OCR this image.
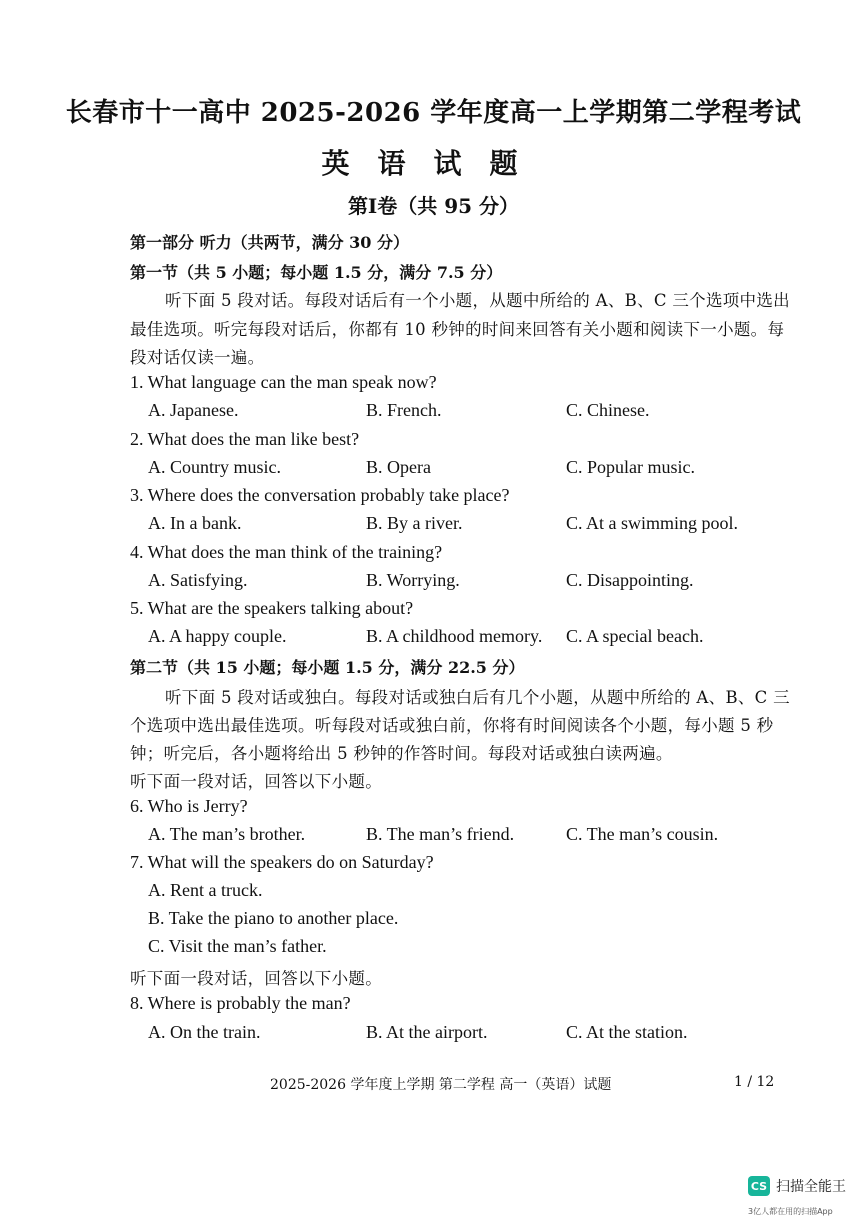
长春市十一高中 2025-2026 学年度高一上学期第二学程考试
英语试题
第Ⅰ卷（共 95 分）
第一部分 听力（共两节，满分 30 分）
第一节（共 5 小题；每小题 1.5 分，满分 7.5 分）
听下面 5 段对话。每段对话后有一个小题，从题中所给的 A、B、C 三个选项中选出
最佳选项。听完每段对话后，你都有 10 秒钟的时间来回答有关小题和阅读下一小题。每
段对话仅读一遍。
1. What language can the man speak now?
A. Japanese.	B. French.	C. Chinese.
2. What does the man like best?
A. Country music.	B. Opera	C. Popular music.
3. Where does the conversation probably take place?
A. In a bank.	B. By a river.	C. At a swimming pool.
4. What does the man think of the training?
A. Satisfying.	B. Worrying.	C. Disappointing.
5. What are the speakers talking about?
A. A happy couple.	B. A childhood memory. C. A special beach.
第二节（共 15 小题；每小题 1.5 分，满分 22.5 分）
听下面 5 段对话或独白。每段对话或独白后有几个小题，从题中所给的 A、B、C 三
个选项中选出最佳选项。听每段对话或独白前，你将有时间阅读各个小题，每小题 5 秒
钟；听完后，各小题将给出 5 秒钟的作答时间。每段对话或独白读两遍。
听下面一段对话，回答以下小题。
6. Who is Jerry?
A. The man’s brother.	B. The man’s friend.	C. The man’s cousin.
7. What will the speakers do on Saturday?
A. Rent a truck.
B. Take the piano to another place.
C. Visit the man’s father.
听下面一段对话，回答以下小题。
8. Where is probably the man?
A. On the train.	B. At the airport.	C. At the station.
2025-2026 学年度上学期 第二学程 高一（英语）试题	1 / 12
CS 扫描全能王
3亿人都在用的扫描App
